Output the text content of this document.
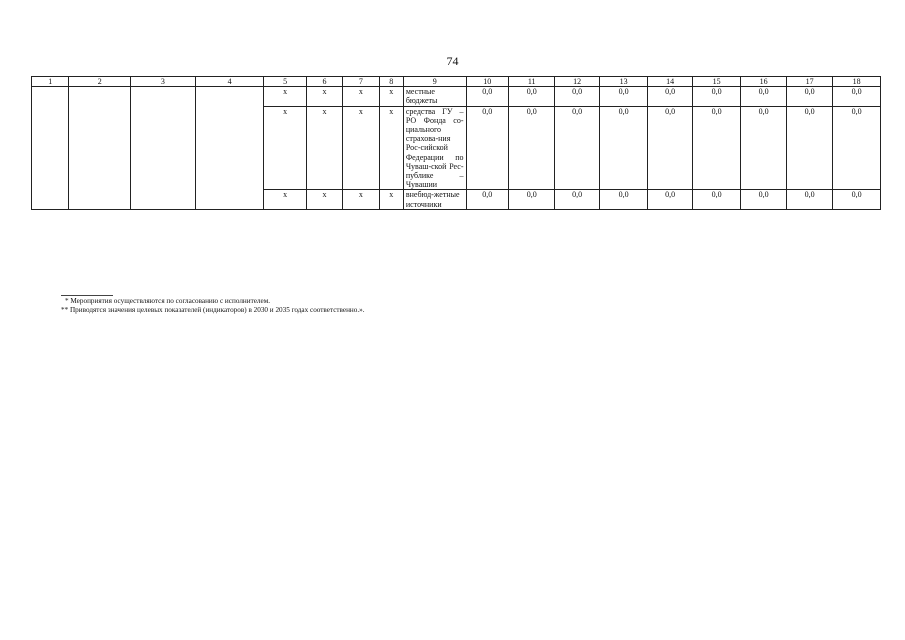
74
1	2	3	4	5	6	7	8	9	10	11	12	13	14	15	16	17	18
				x	x	x	x	местные бюджеты	0,0	0,0	0,0	0,0	0,0	0,0	0,0	0,0	0,0
				x	x	x	x	средства ГУ – РО Фонда со-циального страхова-ния Рос-сийской Федерации по Чуваш-ской Рес-публике – Чувашии	0,0	0,0	0,0	0,0	0,0	0,0	0,0	0,0	0,0
				x	x	x	x	внебюд-жетные источники	0,0	0,0	0,0	0,0	0,0	0,0	0,0	0,0	0,0
* Мероприятия осуществляются по согласованию с исполнителем.
** Приводятся значения целевых показателей (индикаторов) в 2030 и 2035 годах соответственно.».
